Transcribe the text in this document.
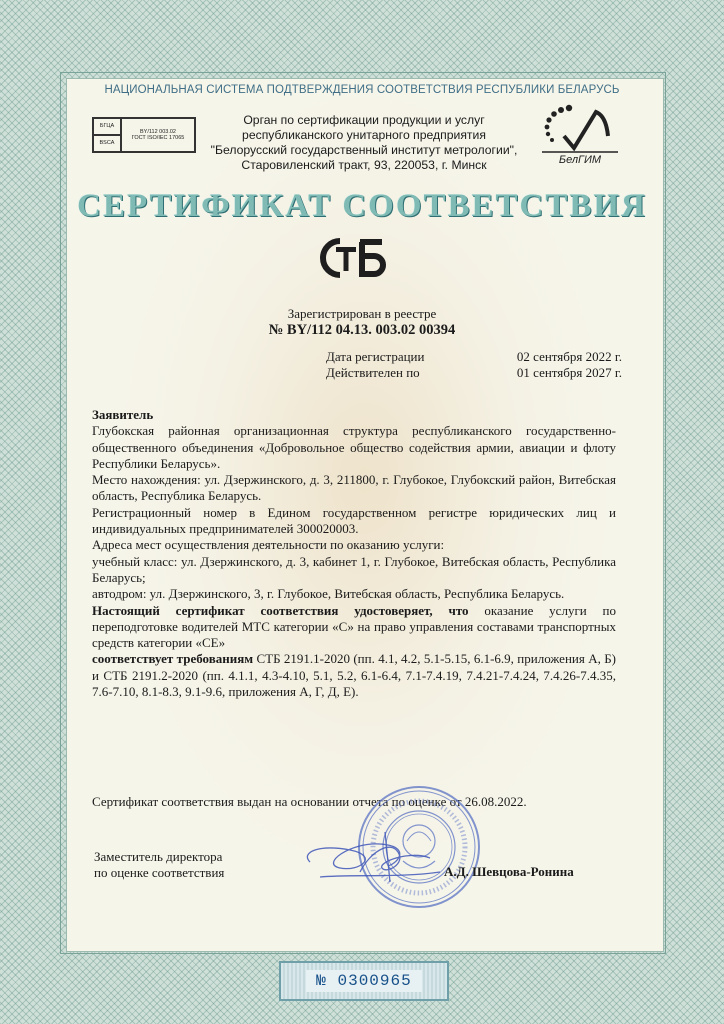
НАЦИОНАЛЬНАЯ СИСТЕМА ПОДТВЕРЖДЕНИЯ СООТВЕТСТВИЯ РЕСПУБЛИКИ БЕЛАРУСЬ
БГЦА
BY/112 003.02
ГОСТ ISO/IEC 17065
BSCA
Орган по сертификации продукции и услуг
республиканского унитарного предприятия
"Белорусский государственный институт метрологии",
Старовиленский тракт, 93, 220053, г. Минск	БелГИМ
СЕРТИФИКАТ СООТВЕТСТВИЯ
Зарегистрирован в реестре
№ BY/112 04.13. 003.02 00394
Дата регистрации	02 сентября 2022 г.
Действителен по	01 сентября 2027 г.

Заявитель

Глубокская районная организационная структура республиканского государственно-общественного объединения «Добровольное общество содействия армии, авиации и флоту Республики Беларусь».

Место нахождения: ул. Дзержинского, д. 3, 211800, г. Глубокое, Глубокский район, Витебская область, Республика Беларусь.

Регистрационный номер в Едином государственном регистре юридических лиц и индивидуальных предпринимателей 300020003.

Адреса мест осуществления деятельности по оказанию услуги:

учебный класс: ул. Дзержинского, д. 3, кабинет 1, г. Глубокое, Витебская область, Республика Беларусь;

автодром: ул. Дзержинского, 3, г. Глубокое, Витебская область, Республика Беларусь.

Настоящий сертификат соответствия удостоверяет, что оказание услуги по переподготовке водителей МТС категории «С» на право управления составами транспортных средств категории «СЕ»

соответствует требованиям СТБ 2191.1-2020 (пп. 4.1, 4.2, 5.1-5.15, 6.1-6.9, приложения А, Б) и СТБ 2191.2-2020 (пп. 4.1.1, 4.3-4.10, 5.1, 5.2, 6.1-6.4, 7.1-7.4.19, 7.4.21-7.4.24, 7.4.26-7.4.35, 7.6-7.10, 8.1-8.3, 9.1-9.6, приложения А, Г, Д, Е).

Сертификат соответствия выдан на основании отчета по оценке от 26.08.2022.
Заместитель директора
по оценке соответствия	А.Д. Шевцова-Ронина
№ 0300965
